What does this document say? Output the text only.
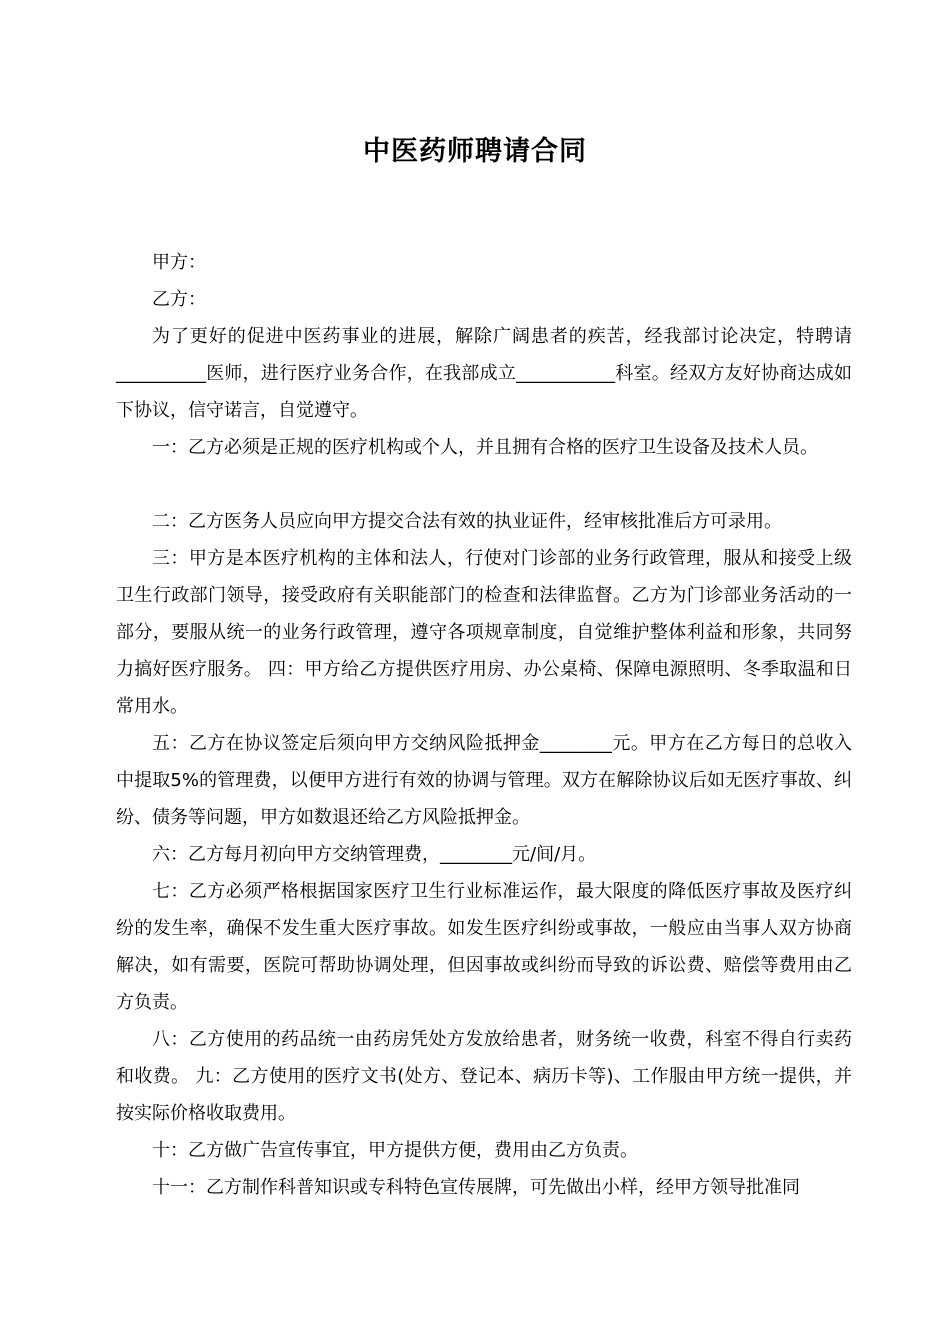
中医药师聘请合同

甲方：

乙方：

为了更好的促进中医药事业的进展，解除广阔患者的疾苦，经我部讨论决定，特聘请__________医师，进行医疗业务合作，在我部成立___________科室。经双方友好协商达成如下协议，信守诺言，自觉遵守。

一：乙方必须是正规的医疗机构或个人，并且拥有合格的医疗卫生设备及技术人员。

二：乙方医务人员应向甲方提交合法有效的执业证件，经审核批准后方可录用。

三：甲方是本医疗机构的主体和法人，行使对门诊部的业务行政管理，服从和接受上级卫生行政部门领导，接受政府有关职能部门的检查和法律监督。乙方为门诊部业务活动的一部分，要服从统一的业务行政管理，遵守各项规章制度，自觉维护整体利益和形象，共同努力搞好医疗服务。 四：甲方给乙方提供医疗用房、办公桌椅、保障电源照明、冬季取温和日常用水。

五：乙方在协议签定后须向甲方交纳风险抵押金________元。甲方在乙方每日的总收入中提取5%的管理费，以便甲方进行有效的协调与管理。双方在解除协议后如无医疗事故、纠纷、债务等问题，甲方如数退还给乙方风险抵押金。

六：乙方每月初向甲方交纳管理费，________元/间/月。

七：乙方必须严格根据国家医疗卫生行业标准运作，最大限度的降低医疗事故及医疗纠纷的发生率，确保不发生重大医疗事故。如发生医疗纠纷或事故，一般应由当事人双方协商解决，如有需要，医院可帮助协调处理，但因事故或纠纷而导致的诉讼费、赔偿等费用由乙方负责。

八：乙方使用的药品统一由药房凭处方发放给患者，财务统一收费，科室不得自行卖药和收费。 九：乙方使用的医疗文书(处方、登记本、病历卡等)、工作服由甲方统一提供，并按实际价格收取费用。

十：乙方做广告宣传事宜，甲方提供方便，费用由乙方负责。

十一：乙方制作科普知识或专科特色宣传展牌，可先做出小样，经甲方领导批准同
